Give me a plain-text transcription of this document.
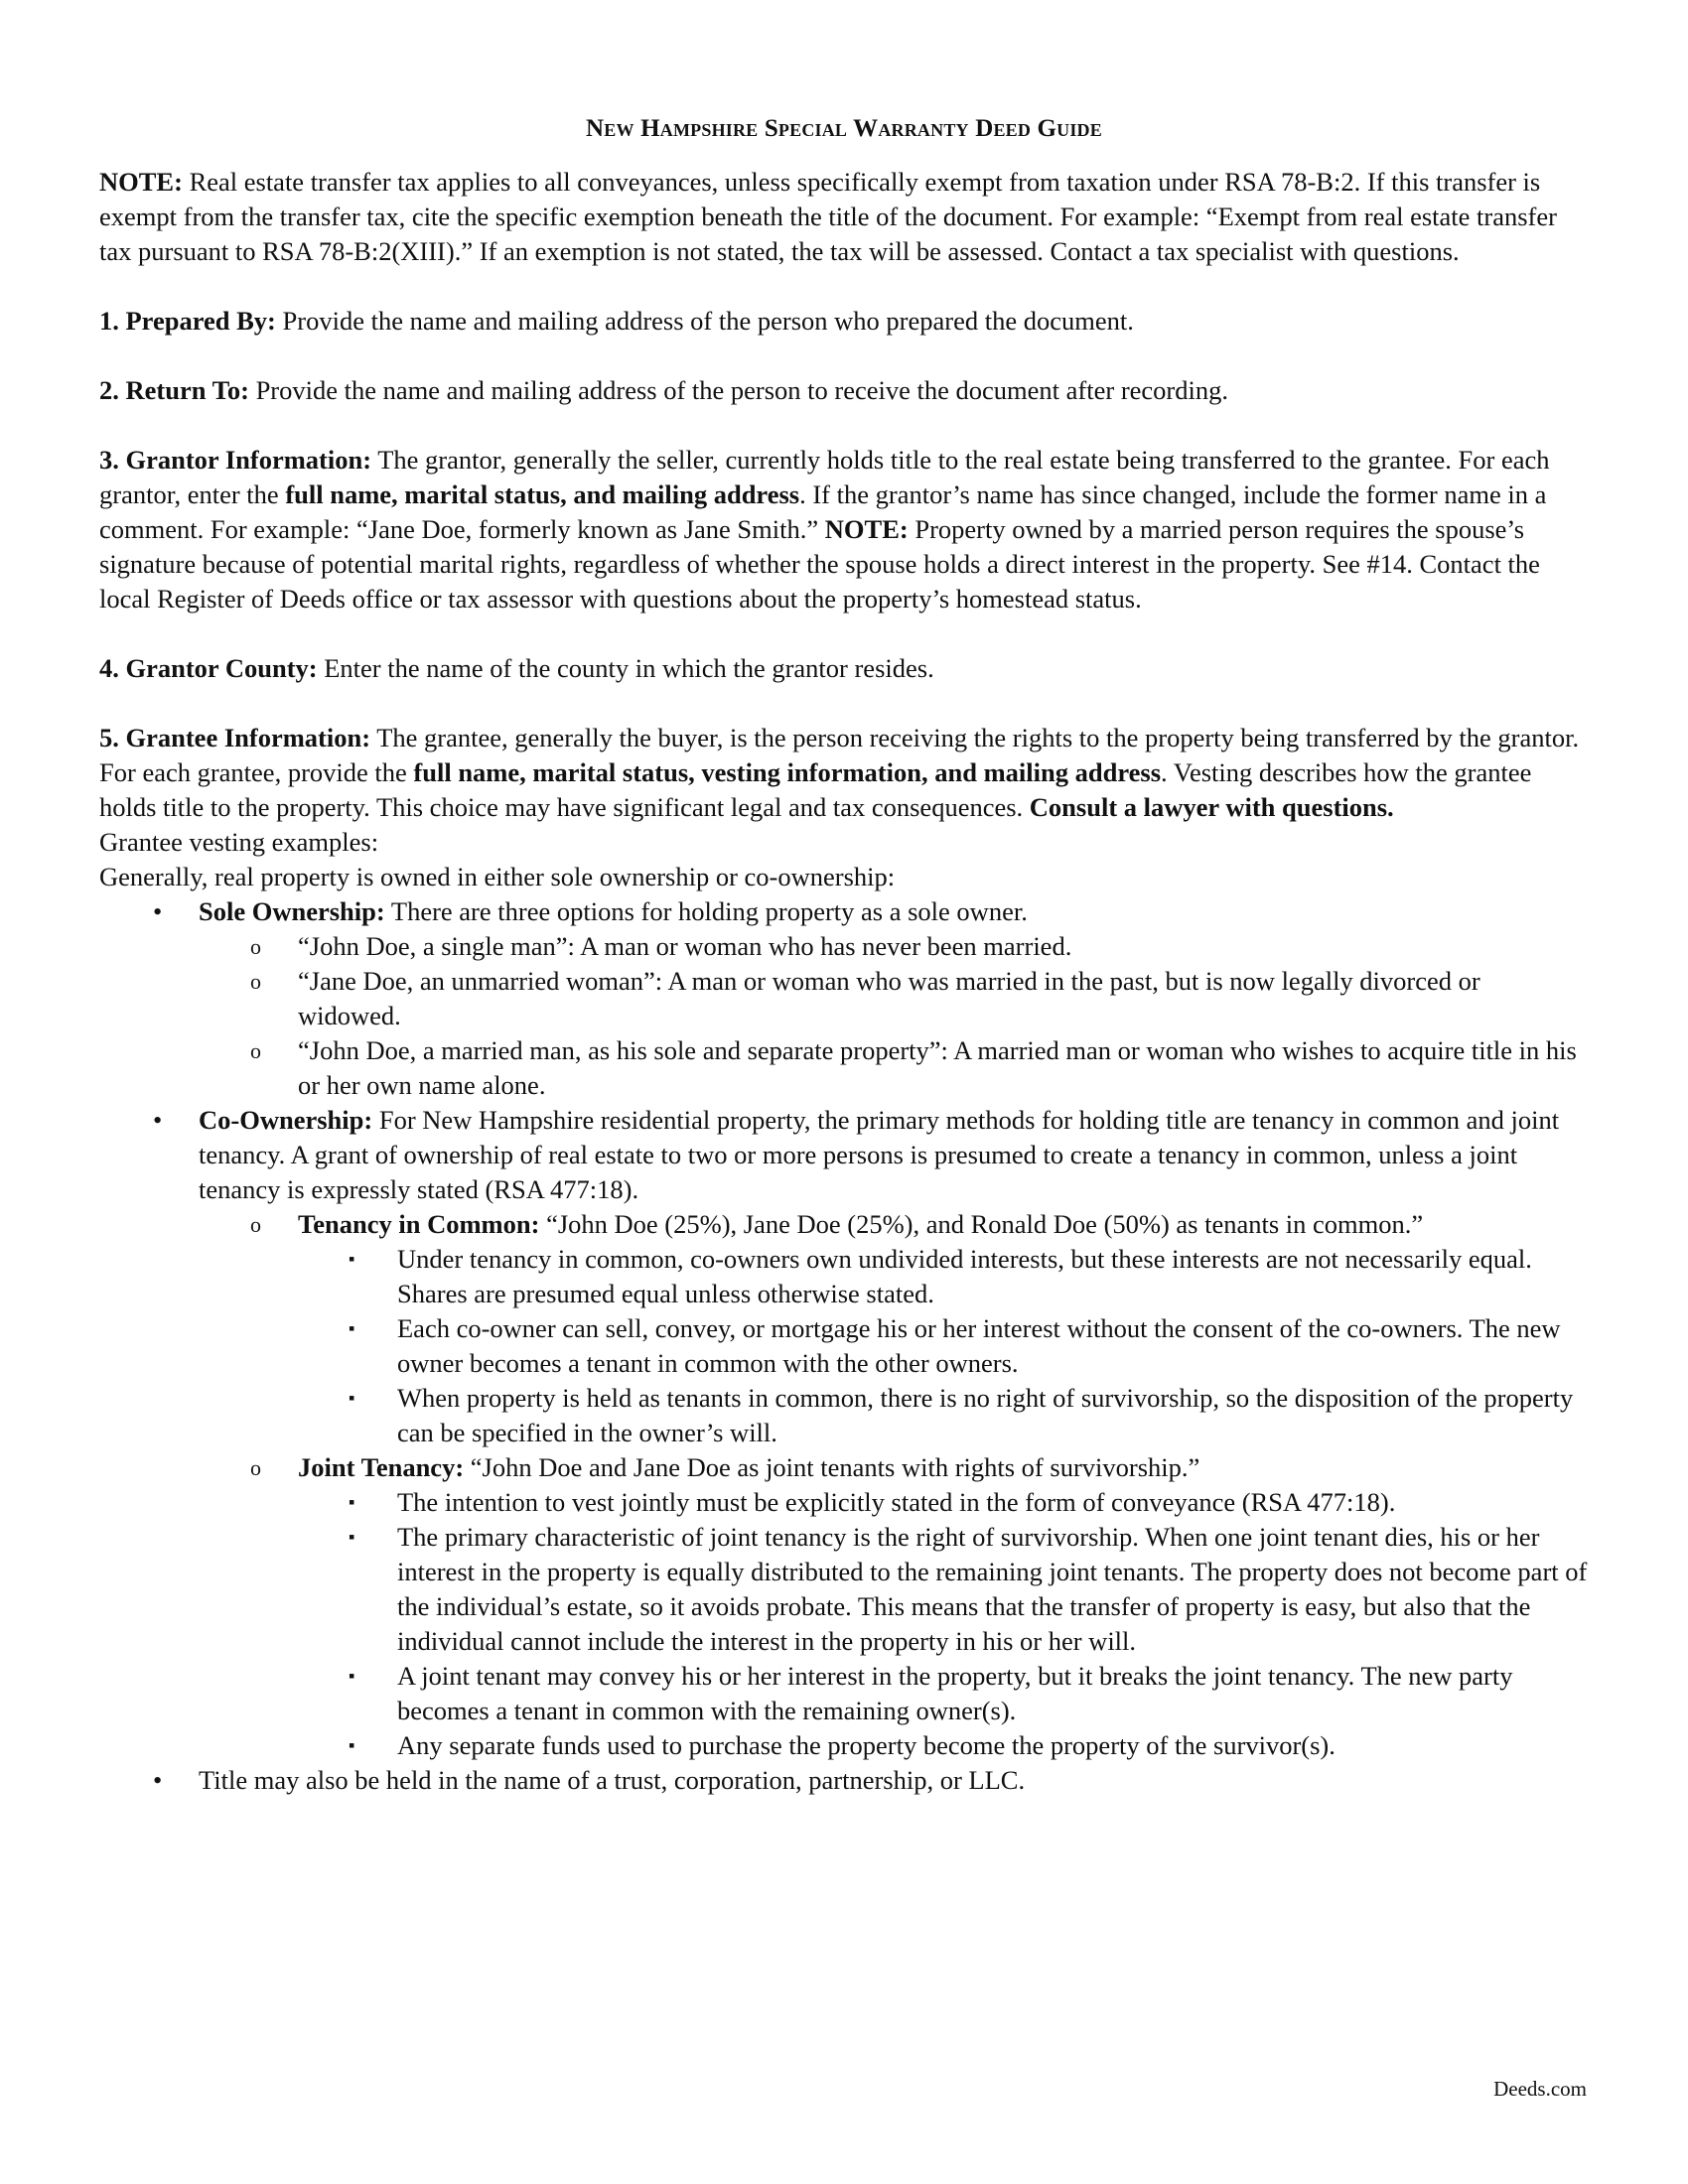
New Hampshire Special Warranty Deed Guide

NOTE: Real estate transfer tax applies to all conveyances, unless specifically exempt from taxation under RSA 78-B:2. If this transfer is exempt from the transfer tax, cite the specific exemption beneath the title of the document. For example: “Exempt from real estate transfer tax pursuant to RSA 78-B:2(XIII).” If an exemption is not stated, the tax will be assessed. Contact a tax specialist with questions.

1. Prepared By: Provide the name and mailing address of the person who prepared the document.

2. Return To: Provide the name and mailing address of the person to receive the document after recording.

3. Grantor Information: The grantor, generally the seller, currently holds title to the real estate being transferred to the grantee. For each grantor, enter the full name, marital status, and mailing address. If the grantor’s name has since changed, include the former name in a comment. For example: “Jane Doe, formerly known as Jane Smith.” NOTE: Property owned by a married person requires the spouse’s signature because of potential marital rights, regardless of whether the spouse holds a direct interest in the property. See #14. Contact the local Register of Deeds office or tax assessor with questions about the property’s homestead status.

4. Grantor County: Enter the name of the county in which the grantor resides.

5. Grantee Information: The grantee, generally the buyer, is the person receiving the rights to the property being transferred by the grantor. For each grantee, provide the full name, marital status, vesting information, and mailing address. Vesting describes how the grantee holds title to the property. This choice may have significant legal and tax consequences. Consult a lawyer with questions.

Grantee vesting examples:

Generally, real property is owned in either sole ownership or co-ownership:

• Sole Ownership: There are three options for holding property as a sole owner.
o “John Doe, a single man”: A man or woman who has never been married.
o “Jane Doe, an unmarried woman”: A man or woman who was married in the past, but is now legally divorced or widowed.
o “John Doe, a married man, as his sole and separate property”: A married man or woman who wishes to acquire title in his or her own name alone.
• Co-Ownership: For New Hampshire residential property, the primary methods for holding title are tenancy in common and joint tenancy. A grant of ownership of real estate to two or more persons is presumed to create a tenancy in common, unless a joint tenancy is expressly stated (RSA 477:18).
o Tenancy in Common: “John Doe (25%), Jane Doe (25%), and Ronald Doe (50%) as tenants in common.”
▪ Under tenancy in common, co-owners own undivided interests, but these interests are not necessarily equal. Shares are presumed equal unless otherwise stated.
▪ Each co-owner can sell, convey, or mortgage his or her interest without the consent of the co-owners. The new owner becomes a tenant in common with the other owners.
▪ When property is held as tenants in common, there is no right of survivorship, so the disposition of the property can be specified in the owner’s will.
o Joint Tenancy: “John Doe and Jane Doe as joint tenants with rights of survivorship.”
▪ The intention to vest jointly must be explicitly stated in the form of conveyance (RSA 477:18).
▪ The primary characteristic of joint tenancy is the right of survivorship. When one joint tenant dies, his or her interest in the property is equally distributed to the remaining joint tenants. The property does not become part of the individual’s estate, so it avoids probate. This means that the transfer of property is easy, but also that the individual cannot include the interest in the property in his or her will.
▪ A joint tenant may convey his or her interest in the property, but it breaks the joint tenancy. The new party becomes a tenant in common with the remaining owner(s).
▪ Any separate funds used to purchase the property become the property of the survivor(s).
• Title may also be held in the name of a trust, corporation, partnership, or LLC.
Deeds.com
